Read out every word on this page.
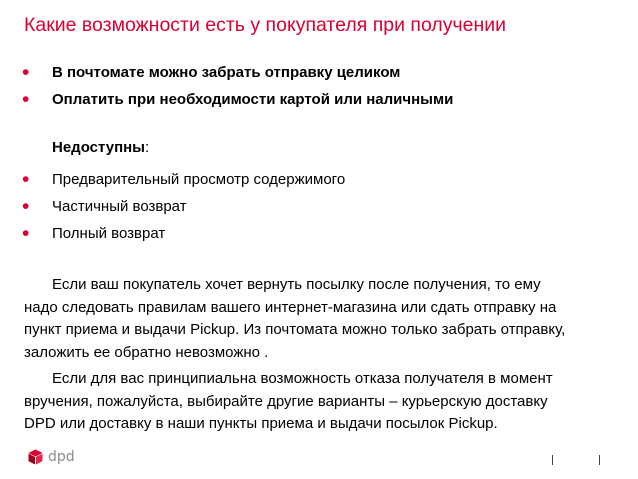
Какие возможности есть у покупателя при получении
•	В почтомате можно забрать отправку целиком
•	Оплатить при необходимости картой или наличными
Недоступны:
•	Предварительный просмотр содержимого
•	Частичный возврат
•	Полный возврат

Если ваш покупатель хочет вернуть посылку после получения, то ему
надо следовать правилам вашего интернет-магазина или сдать отправку на
пункт приема и выдачи Pickup. Из почтомата можно только забрать отправку,
заложить ее обратно невозможно .

Если для вас принципиальна возможность отказа получателя в момент
вручения, пожалуйста, выбирайте другие варианты – курьерскую доставку
DPD или доставку в наши пункты приема и выдачи посылок Pickup.

dpd
